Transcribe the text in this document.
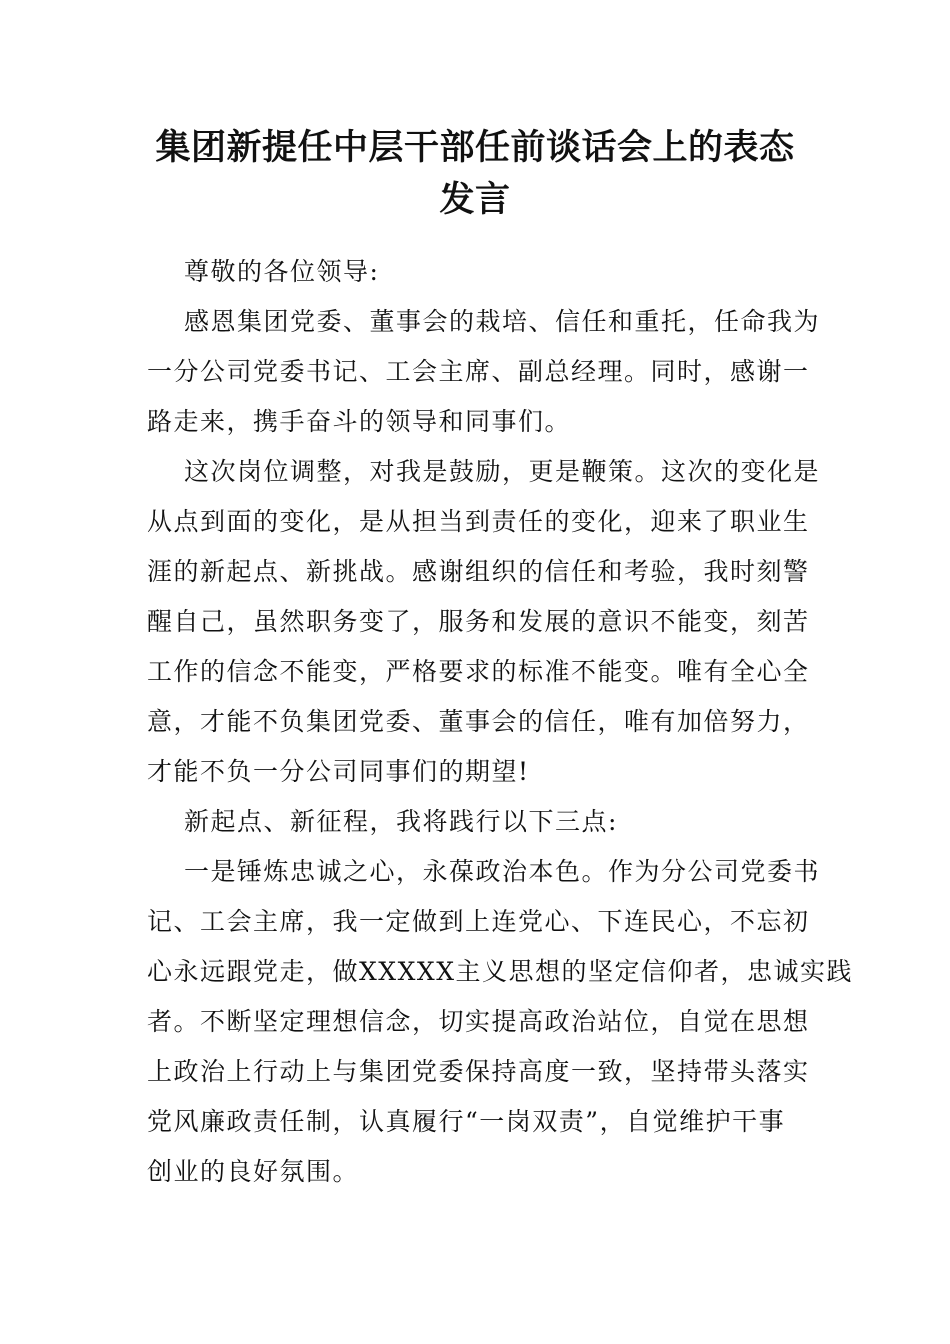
集团新提任中层干部任前谈话会上的表态
发言
尊敬的各位领导:
感恩集团党委、董事会的栽培、信任和重托，任命我为
一分公司党委书记、工会主席、副总经理。同时，感谢一
路走来，携手奋斗的领导和同事们。
这次岗位调整，对我是鼓励，更是鞭策。这次的变化是
从点到面的变化，是从担当到责任的变化，迎来了职业生
涯的新起点、新挑战。感谢组织的信任和考验，我时刻警
醒自己，虽然职务变了，服务和发展的意识不能变，刻苦
工作的信念不能变，严格要求的标准不能变。唯有全心全
意，才能不负集团党委、董事会的信任，唯有加倍努力，
才能不负一分公司同事们的期望!
新起点、新征程，我将践行以下三点:
一是锤炼忠诚之心，永葆政治本色。作为分公司党委书
记、工会主席，我一定做到上连党心、下连民心，不忘初
心永远跟党走，做XXXXX主义思想的坚定信仰者，忠诚实践
者。不断坚定理想信念，切实提高政治站位，自觉在思想
上政治上行动上与集团党委保持高度一致，坚持带头落实
党风廉政责任制，认真履行“一岗双责”，自觉维护干事
创业的良好氛围。
